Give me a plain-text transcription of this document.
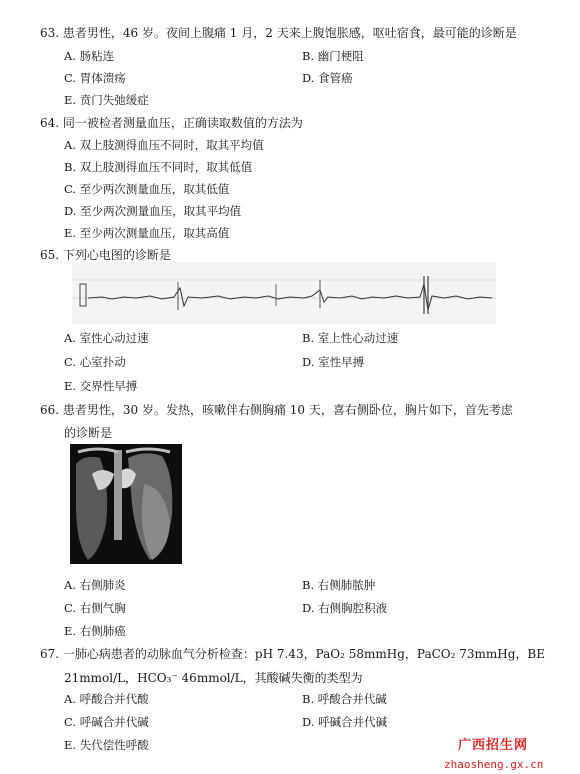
63. 患者男性，46 岁。夜间上腹痛 1 月，2 天来上腹饱胀感，呕吐宿食，最可能的诊断是
A. 肠粘连	B. 幽门梗阻
C. 胃体溃疡	D. 食管癌
E. 贲门失弛缓症
64. 同一被检者测量血压，正确读取数值的方法为
A. 双上肢测得血压不同时，取其平均值
B. 双上肢测得血压不同时，取其低值
C. 至少两次测量血压，取其低值
D. 至少两次测量血压，取其平均值
E. 至少两次测量血压，取其高值
65. 下列心电图的诊断是
A. 室性心动过速	B. 室上性心动过速
C. 心室扑动	D. 室性早搏
E. 交界性早搏
66. 患者男性，30 岁。发热，咳嗽伴右侧胸痛 10 天，喜右侧卧位，胸片如下，首先考虑
的诊断是
A. 右侧肺炎	B. 右侧肺脓肿
C. 右侧气胸	D. 右侧胸腔积液
E. 右侧肺癌
67. 一肺心病患者的动脉血气分析检查：pH 7.43，PaO₂ 58mmHg，PaCO₂ 73mmHg，BE
21mmol/L，HCO₃⁻ 46mmol/L，其酸碱失衡的类型为
A. 呼酸合并代酸	B. 呼酸合并代碱
C. 呼碱合并代碱	D. 呼碱合并代碱
E. 失代偿性呼酸	广西招生网
zhaosheng.gx.cn
